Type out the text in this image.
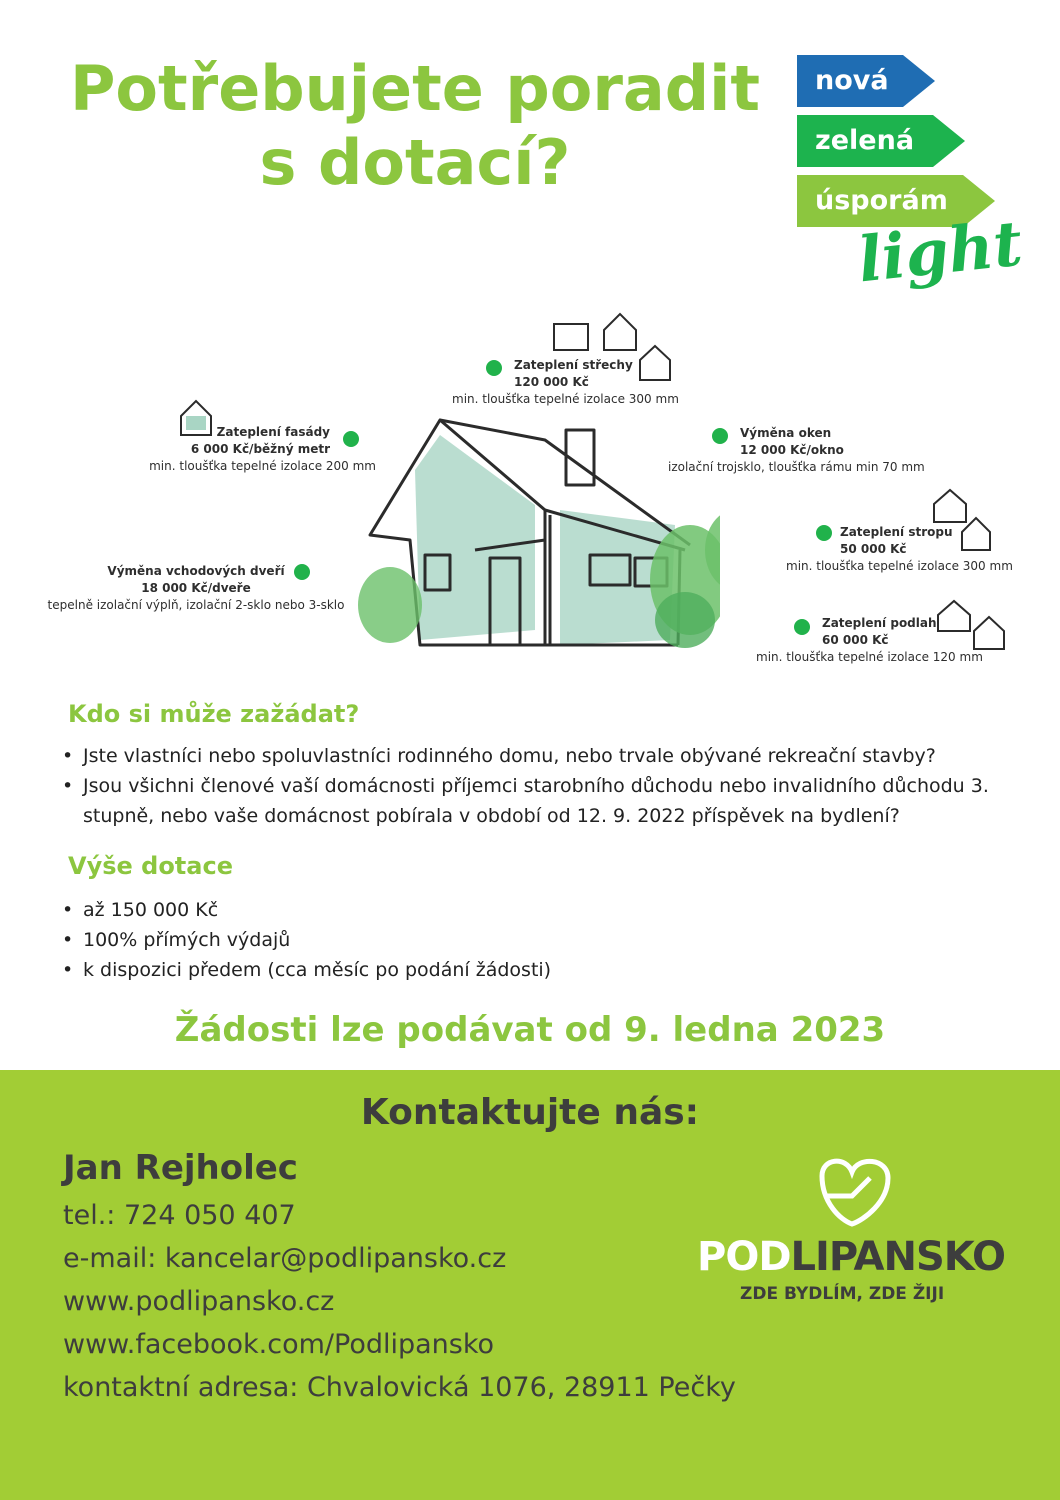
Potřebujete poradit
s dotací?
nová
zelená
úsporám
light
Zateplení střechy
120 000 Kč
min. tloušťka tepelné izolace 300 mm
Zateplení fasády
6 000 Kč/běžný metr
min. tloušťka tepelné izolace 200 mm
Výměna oken
12 000 Kč/okno
izolační trojsklo, tloušťka rámu min 70 mm
Zateplení stropu
50 000 Kč
min. tloušťka tepelné izolace 300 mm
Výměna vchodových dveří
18 000 Kč/dveře
tepelně izolační výplň, izolační 2-sklo nebo 3-sklo
Zateplení podlah
60 000 Kč
min. tloušťka tepelné izolace 120 mm
Kdo si může zažádat?
• Jste vlastníci nebo spoluvlastníci rodinného domu, nebo trvale obývané rekreační stavby?
• Jsou všichni členové vaší domácnosti příjemci starobního důchodu nebo invalidního důchodu 3. stupně, nebo vaše domácnost pobírala v období od 12. 9. 2022 příspěvek na bydlení?
Výše dotace
• až 150 000 Kč
• 100% přímých výdajů
• k dispozici předem (cca měsíc po podání žádosti)
Žádosti lze podávat od 9. ledna 2023
Kontaktujte nás:
Jan Rejholec
tel.: 724 050 407
e-mail: kancelar@podlipansko.cz
www.podlipansko.cz
www.facebook.com/Podlipansko
kontaktní adresa: Chvalovická 1076, 28911 Pečky
PODLIPANSKO
ZDE BYDLÍM, ZDE ŽIJI
